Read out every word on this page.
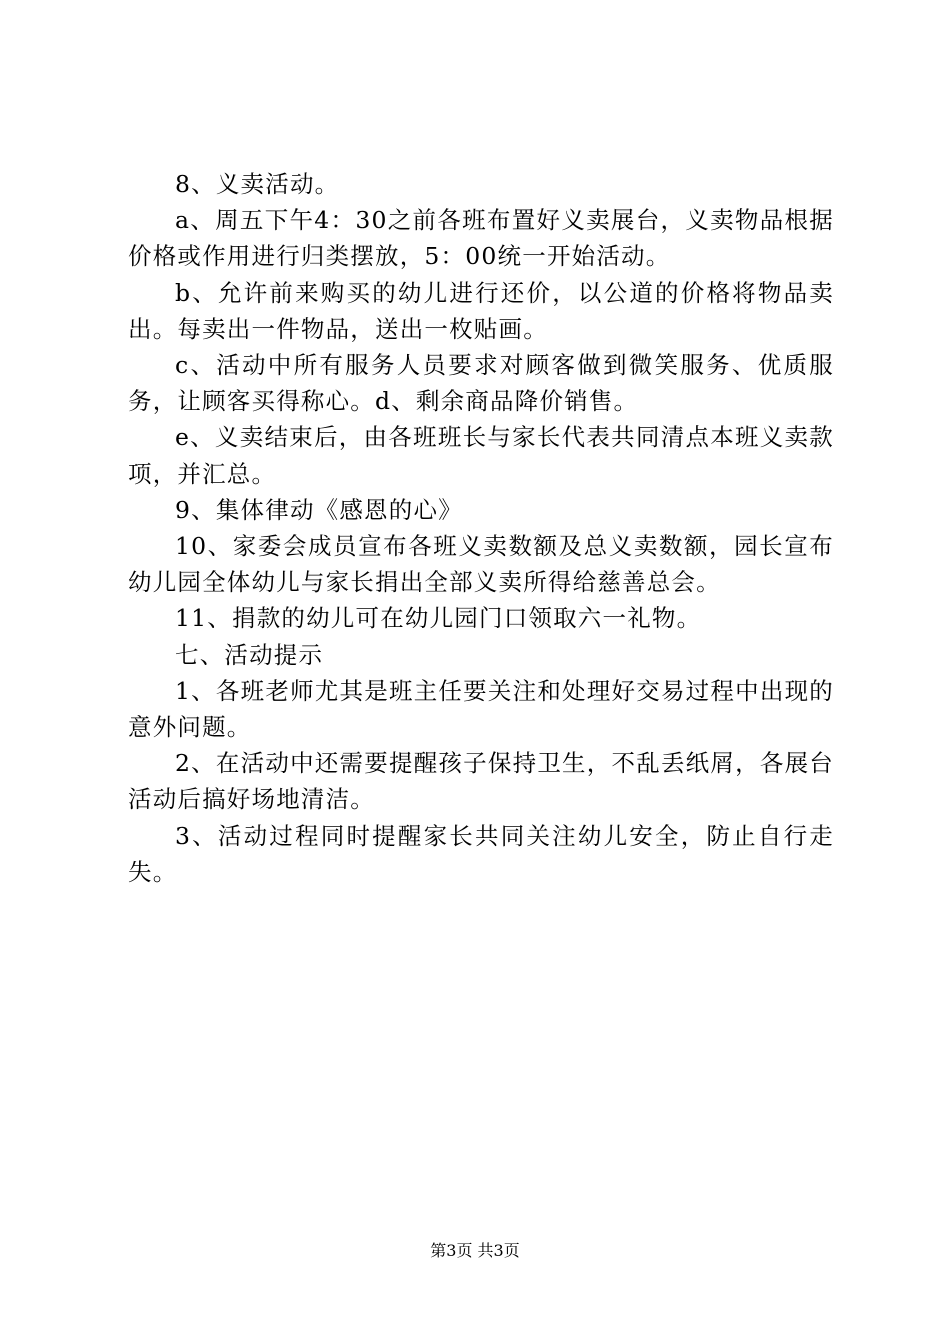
8、义卖活动。

a、周五下午4：30之前各班布置好义卖展台，义卖物品根据价格或作用进行归类摆放，5：00统一开始活动。

b、允许前来购买的幼儿进行还价，以公道的价格将物品卖出。每卖出一件物品，送出一枚贴画。

c、活动中所有服务人员要求对顾客做到微笑服务、优质服务，让顾客买得称心。d、剩余商品降价销售。

e、义卖结束后，由各班班长与家长代表共同清点本班义卖款项，并汇总。

9、集体律动《感恩的心》

10、家委会成员宣布各班义卖数额及总义卖数额，园长宣布幼儿园全体幼儿与家长捐出全部义卖所得给慈善总会。

11、捐款的幼儿可在幼儿园门口领取六一礼物。

七、活动提示

1、各班老师尤其是班主任要关注和处理好交易过程中出现的意外问题。

2、在活动中还需要提醒孩子保持卫生，不乱丢纸屑，各展台活动后搞好场地清洁。

3、活动过程同时提醒家长共同关注幼儿安全，防止自行走失。

第3页 共3页
